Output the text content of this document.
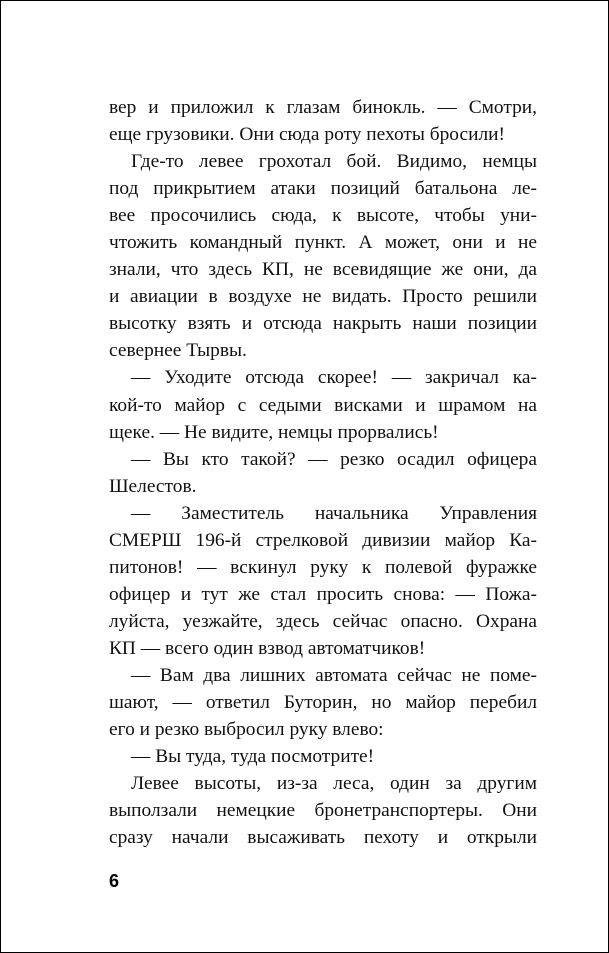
вер и приложил к глазам бинокль. — Смотри,
еще грузовики. Они сюда роту пехоты бросили!
Где-то левее грохотал бой. Видимо, немцы
под прикрытием атаки позиций батальона ле-
вее просочились сюда, к высоте, чтобы уни-
чтожить командный пункт. А может, они и не
знали, что здесь КП, не всевидящие же они, да
и авиации в воздухе не видать. Просто решили
высотку взять и отсюда накрыть наши позиции
севернее Тырвы.
— Уходите отсюда скорее! — закричал ка-
кой-то майор с седыми висками и шрамом на
щеке. — Не видите, немцы прорвались!
— Вы кто такой? — резко осадил офицера
Шелестов.
— Заместитель начальника Управления
СМЕРШ 196-й стрелковой дивизии майор Ка-
питонов! — вскинул руку к полевой фуражке
офицер и тут же стал просить снова: — Пожа-
луйста, уезжайте, здесь сейчас опасно. Охрана
КП — всего один взвод автоматчиков!
— Вам два лишних автомата сейчас не поме-
шают, — ответил Буторин, но майор перебил
его и резко выбросил руку влево:
— Вы туда, туда посмотрите!
Левее высоты, из-за леса, один за другим
выползали немецкие бронетранспортеры. Они
сразу начали высаживать пехоту и открыли
6
